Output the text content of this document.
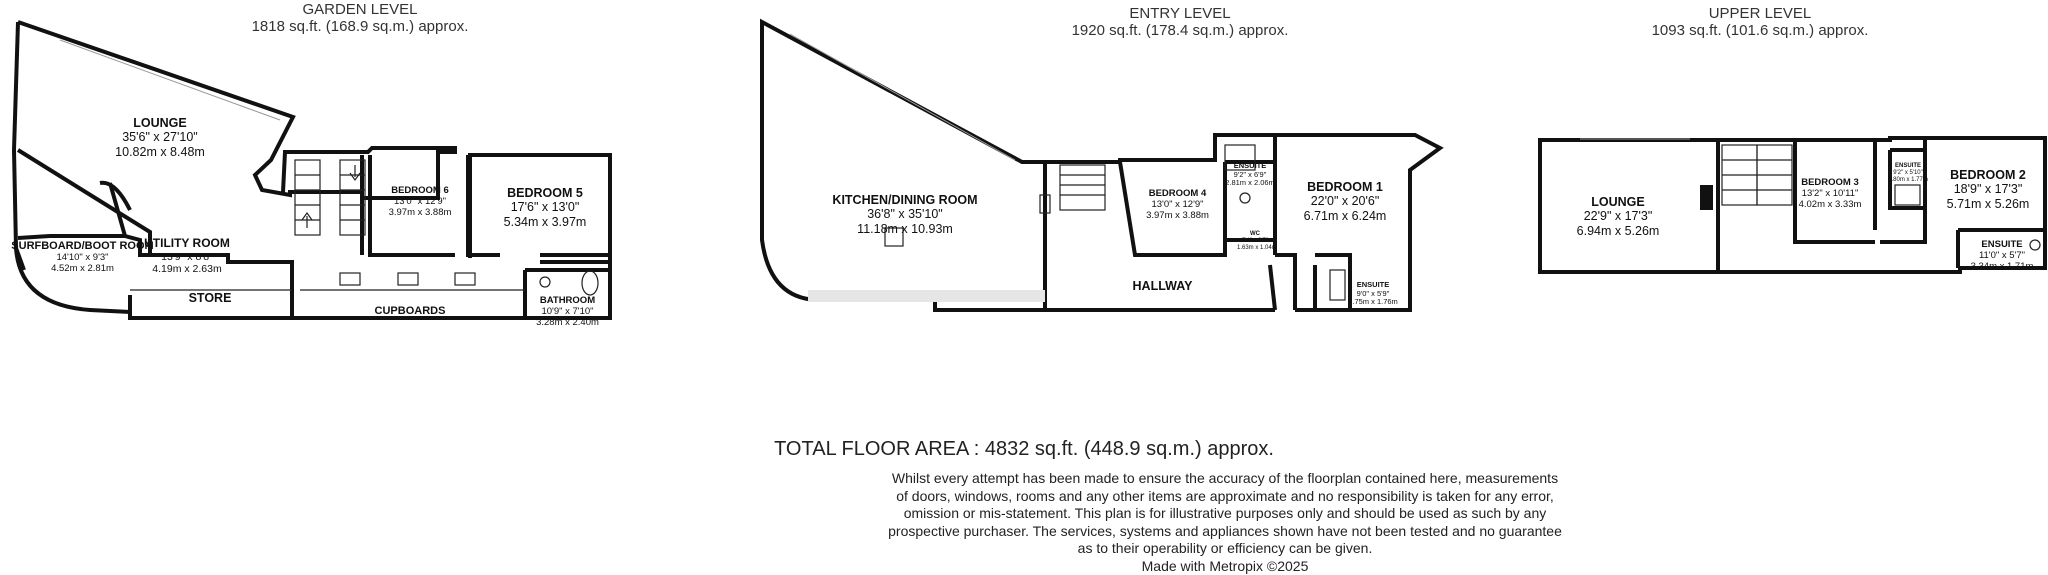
GARDEN LEVEL
1818 sq.ft. (168.9 sq.m.) approx.
ENTRY LEVEL
1920 sq.ft. (178.4 sq.m.) approx.
UPPER LEVEL
1093 sq.ft. (101.6 sq.m.) approx.
LOUNGE
35'6" x 27'10"
10.82m x 8.48m
BEDROOM 6
13'0" x 12'9"
3.97m x 3.88m
BEDROOM 5
17'6" x 13'0"
5.34m x 3.97m
SURFBOARD/BOOT ROOM
14'10" x 9'3"
4.52m x 2.81m
UTILITY ROOM
13'9" x 8'8"
4.19m x 2.63m
BATHROOM
10'9" x 7'10"
3.28m x 2.40m
STORE
CUPBOARDS
KITCHEN/DINING ROOM
36'8" x 35'10"
11.18m x 10.93m
BEDROOM 4
13'0" x 12'9"
3.97m x 3.88m
ENSUITE
9'2" x 6'9"
2.81m x 2.06m	BEDROOM 1
22'0" x 20'6"
6.71m x 6.24m
WC
5'4" x 3'5"
1.63m x 1.04m
ENSUITE
9'0" x 5'9"
2.75m x 1.76m
HALLWAY
LOUNGE
22'9" x 17'3"
6.94m x 5.26m
BEDROOM 3
13'2" x 10'11"
4.02m x 3.33m
ENSUITE
9'2" x 5'10"
2.80m x 1.77m	BEDROOM 2
18'9" x 17'3"
5.71m x 5.26m
ENSUITE
11'0" x 5'7"
3.34m x 1.71m
TOTAL FLOOR AREA : 4832 sq.ft. (448.9 sq.m.) approx.
Whilst every attempt has been made to ensure the accuracy of the floorplan contained here, measurements
of doors, windows, rooms and any other items are approximate and no responsibility is taken for any error,
omission or mis-statement. This plan is for illustrative purposes only and should be used as such by any
prospective purchaser. The services, systems and appliances shown have not been tested and no guarantee
as to their operability or efficiency can be given.
Made with Metropix ©2025
